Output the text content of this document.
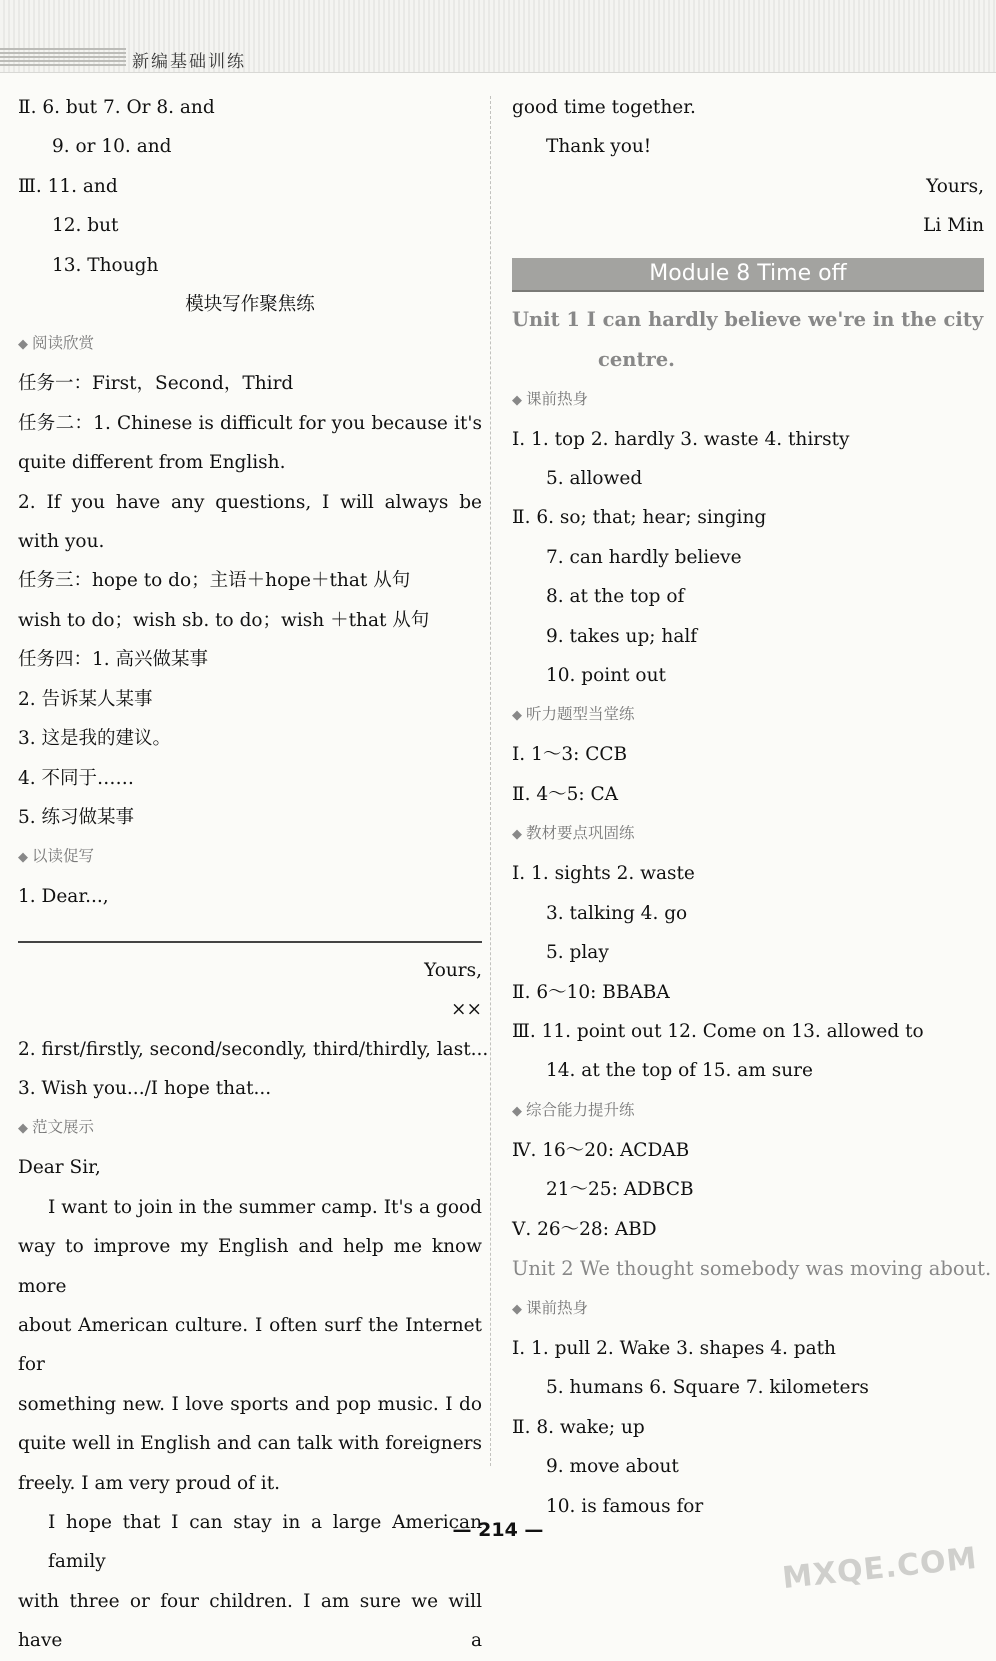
新编基础训练
Ⅱ. 6. but 7. Or 8. and
9. or 10. and
Ⅲ. 11. and
12. but
13. Though
模块写作聚焦练
◆ 阅读欣赏
任务一：First，Second，Third
任务二：1. Chinese is difficult for you because it's
quite different from English.
2. If you have any questions, I will always be
with you.
任务三：hope to do；主语＋hope＋that 从句
wish to do；wish sb. to do；wish ＋that 从句
任务四：1. 高兴做某事
2. 告诉某人某事
3. 这是我的建议。
4. 不同于……
5. 练习做某事
◆ 以读促写
1. Dear...,
Yours,
××
2. first/firstly, second/secondly, third/thirdly, last...
3. Wish you.../I hope that...
◆ 范文展示
Dear Sir,
I want to join in the summer camp. It's a good
way to improve my English and help me know more
about American culture. I often surf the Internet for
something new. I love sports and pop music. I do
quite well in English and can talk with foreigners
freely. I am very proud of it.
I hope that I can stay in a large American family
with three or four children. I am sure we will have a
good time together.
Thank you!
Yours,
Li Min
Module 8 Time off
Unit 1 I can hardly believe we're in the city
centre.
◆ 课前热身
Ⅰ. 1. top 2. hardly 3. waste 4. thirsty
5. allowed
Ⅱ. 6. so; that; hear; singing
7. can hardly believe
8. at the top of
9. takes up; half
10. point out
◆ 听力题型当堂练
Ⅰ. 1～3: CCB
Ⅱ. 4～5: CA
◆ 教材要点巩固练
Ⅰ. 1. sights 2. waste
3. talking 4. go
5. play
Ⅱ. 6～10: BBABA
Ⅲ. 11. point out 12. Come on 13. allowed to
14. at the top of 15. am sure
◆ 综合能力提升练
Ⅳ. 16～20: ACDAB
21～25: ADBCB
Ⅴ. 26～28: ABD
Unit 2 We thought somebody was moving about.
◆ 课前热身
Ⅰ. 1. pull 2. Wake 3. shapes 4. path
5. humans 6. Square 7. kilometers
Ⅱ. 8. wake; up
9. move about
10. is famous for
— 214 —
MXQE.COM
